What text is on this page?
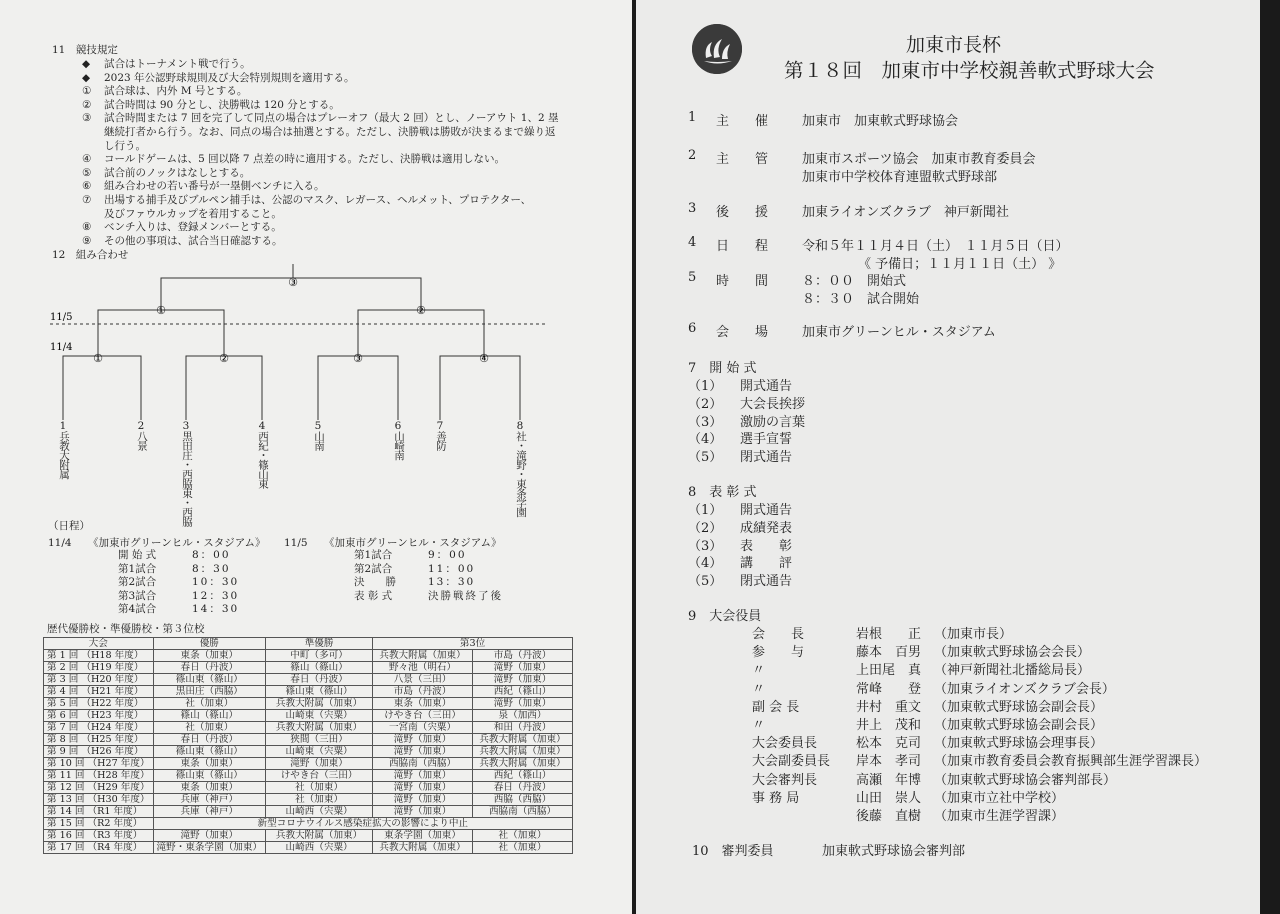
11　競技規定
◆ 試合はトーナメント戦で行う。
◆ 2023 年公認野球規則及び大会特別規則を適用する。
① 試合球は、内外 M 号とする。
② 試合時間は 90 分とし、決勝戦は 120 分とする。
③ 試合時間または 7 回を完了して同点の場合はプレーオフ（最大 2 回）とし、ノーアウト 1、2 塁
継続打者から行う。なお、同点の場合は抽選とする。ただし、決勝戦は勝敗が決まるまで繰り返
し行う。
④ コールドゲームは、5 回以降 7 点差の時に適用する。ただし、決勝戦は適用しない。
⑤ 試合前のノックはなしとする。
⑥ 組み合わせの若い番号が一塁側ベンチに入る。
⑦ 出場する捕手及びブルペン捕手は、公認のマスク、レガース、ヘルメット、プロテクター、
及びファウルカップを着用すること。
⑧ ベンチ入りは、登録メンバーとする。
⑨ その他の事項は、試合当日確認する。
12　組み合わせ
11/5
11/4
③
①	②
①	②	③	④
1
兵教大附属
2
八景
3
黒田庄・西脇東・西脇
4
西紀・篠山東
5
山南
6
山崎南
7
善防
8
社・滝野・東条学園
（日程）
11/4 《加東市グリーンヒル・スタジアム》
開 始 式	8：00
第1試合	8：30
第2試合	10：30
第3試合	12：30
第4試合	14：30
11/5 《加東市グリーンヒル・スタジアム》
第1試合	9：00
第2試合	11：00
決　　勝	13：30
表 彰 式	決勝戦終了後
歴代優勝校・準優勝校・第３位校
大会	優勝	準優勝	第3位	
第 1 回 （H18 年度）	東条（加東）	中町（多可）	兵教大附属（加東）	市島（丹波）
第 2 回 （H19 年度）	春日（丹波）	篠山（篠山）	野々池（明石）	滝野（加東）
第 3 回 （H20 年度）	篠山東（篠山）	春日（丹波）	八景（三田）	滝野（加東）
第 4 回 （H21 年度）	黒田庄（西脇）	篠山東（篠山）	市島（丹波）	西紀（篠山）
第 5 回 （H22 年度）	社（加東）	兵教大附属（加東）	東条（加東）	滝野（加東）
第 6 回 （H23 年度）	篠山（篠山）	山崎東（宍粟）	けやき台（三田）	泉（加西）
第 7 回 （H24 年度）	社（加東）	兵教大附属（加東）	一宮南（宍粟）	和田（丹波）
第 8 回 （H25 年度）	春日（丹波）	狭間（三田）	滝野（加東）	兵教大附属（加東）
第 9 回 （H26 年度）	篠山東（篠山）	山崎東（宍粟）	滝野（加東）	兵教大附属（加東）
第 10 回 （H27 年度）	東条（加東）	滝野（加東）	西脇南（西脇）	兵教大附属（加東）
第 11 回 （H28 年度）	篠山東（篠山）	けやき台（三田）	滝野（加東）	西紀（篠山）
第 12 回 （H29 年度）	東条（加東）	社（加東）	滝野（加東）	春日（丹波）
第 13 回 （H30 年度）	兵庫（神戸）	社（加東）	滝野（加東）	西脇（西脇）
第 14 回 （R1 年度）	兵庫（神戸）	山崎西（宍粟）	滝野（加東）	西脇南（西脇）
第 15 回 （R2 年度）	新型コロナウイルス感染症拡大の影響により中止			
第 16 回 （R3 年度）	滝野（加東）	兵教大附属（加東）	東条学園（加東）	社（加東）
第 17 回 （R4 年度）	滝野・東条学園（加東）	山崎西（宍粟）	兵教大附属（加東）	社（加東）
加東市長杯
第１８回　加東市中学校親善軟式野球大会
1 主　　催	加東市　加東軟式野球協会
2 主　　管	加東市スポーツ協会　加東市教育委員会
加東市中学校体育連盟軟式野球部
3 後　　援	加東ライオンズクラブ　神戸新聞社
4 日　　程	令和５年１１月４日（土）　１１月５日（日）
《 予備日；１１月１１日（土） 》
5 時　　間	８：００　開始式
８：３０　試合開始
6 会　　場	加東市グリーンヒル・スタジアム
7　開 始 式
（1） 開式通告
（2） 大会長挨拶
（3） 激励の言葉
（4） 選手宣誓
（5） 閉式通告
8　表 彰 式
（1） 開式通告
（2） 成績発表
（3） 表　　彰
（4） 講　　評
（5） 閉式通告
9　大会役員
会　　長	岩根　　正 （加東市長）
参　　与	藤本　百男 （加東軟式野球協会会長）
〃	上田尾　真 （神戸新聞社北播総局長）
〃	常峰　　登 （加東ライオンズクラブ会長）
副 会 長	井村　重文 （加東軟式野球協会副会長）
〃	井上　茂和 （加東軟式野球協会副会長）
大会委員長	松本　克司 （加東軟式野球協会理事長）
大会副委員長 岸本　孝司 （加東市教育委員会教育振興部生涯学習課長）
大会審判長	高瀬　年博 （加東軟式野球協会審判部長）
事 務 局	山田　崇人 （加東市立社中学校）
後藤　直樹 （加東市生涯学習課）
10　審判委員	加東軟式野球協会審判部
